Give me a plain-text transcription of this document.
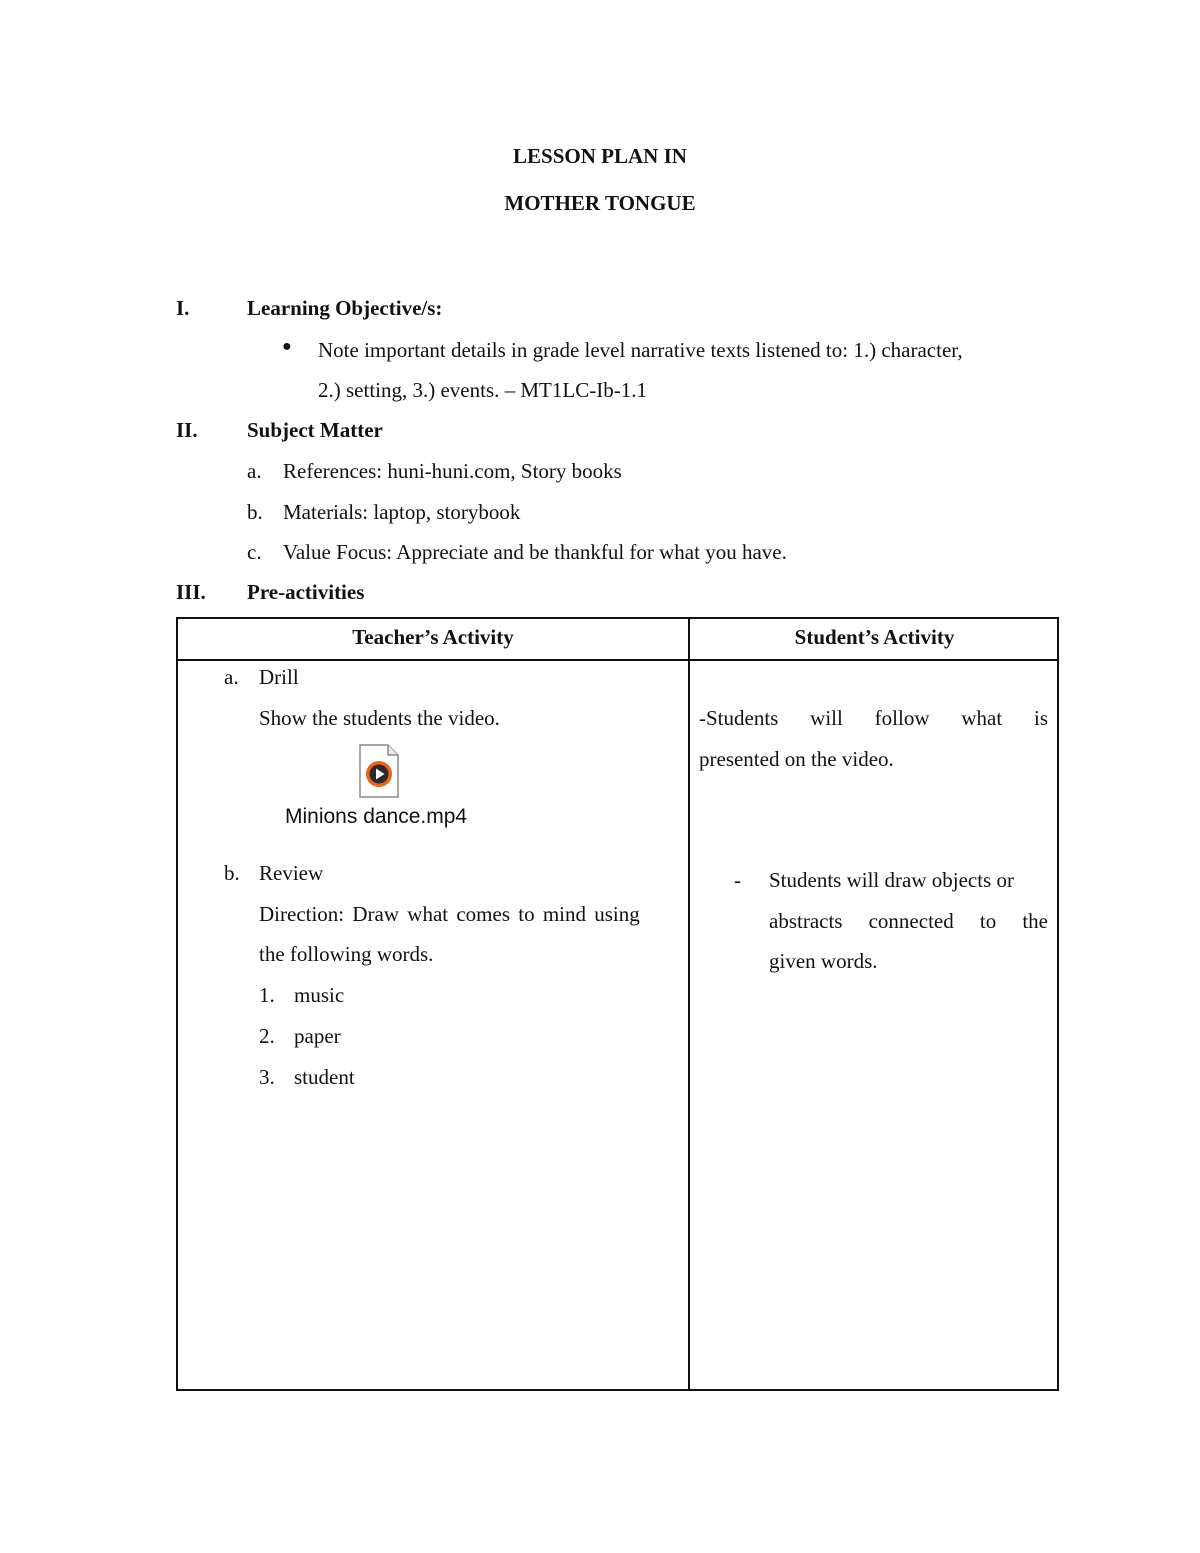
LESSON PLAN IN
MOTHER TONGUE
I.	Learning Objective/s:
● Note important details in grade level narrative texts listened to: 1.) character,
2.) setting, 3.) events. – MT1LC-Ib-1.1
II. Subject Matter
a. References: huni-huni.com, Story books
b. Materials: laptop, storybook
c. Value Focus: Appreciate and be thankful for what you have.
III. Pre-activities
Teacher’s Activity	Student’s Activity
a. Drill
Show the students the video.
Minions dance.mp4
b. Review
Direction: Draw what comes to mind using
the following words.
1. music
2. paper
3. student
-Students will follow what is
presented on the video.
- Students will draw objects or
abstracts connected to the
given words.
